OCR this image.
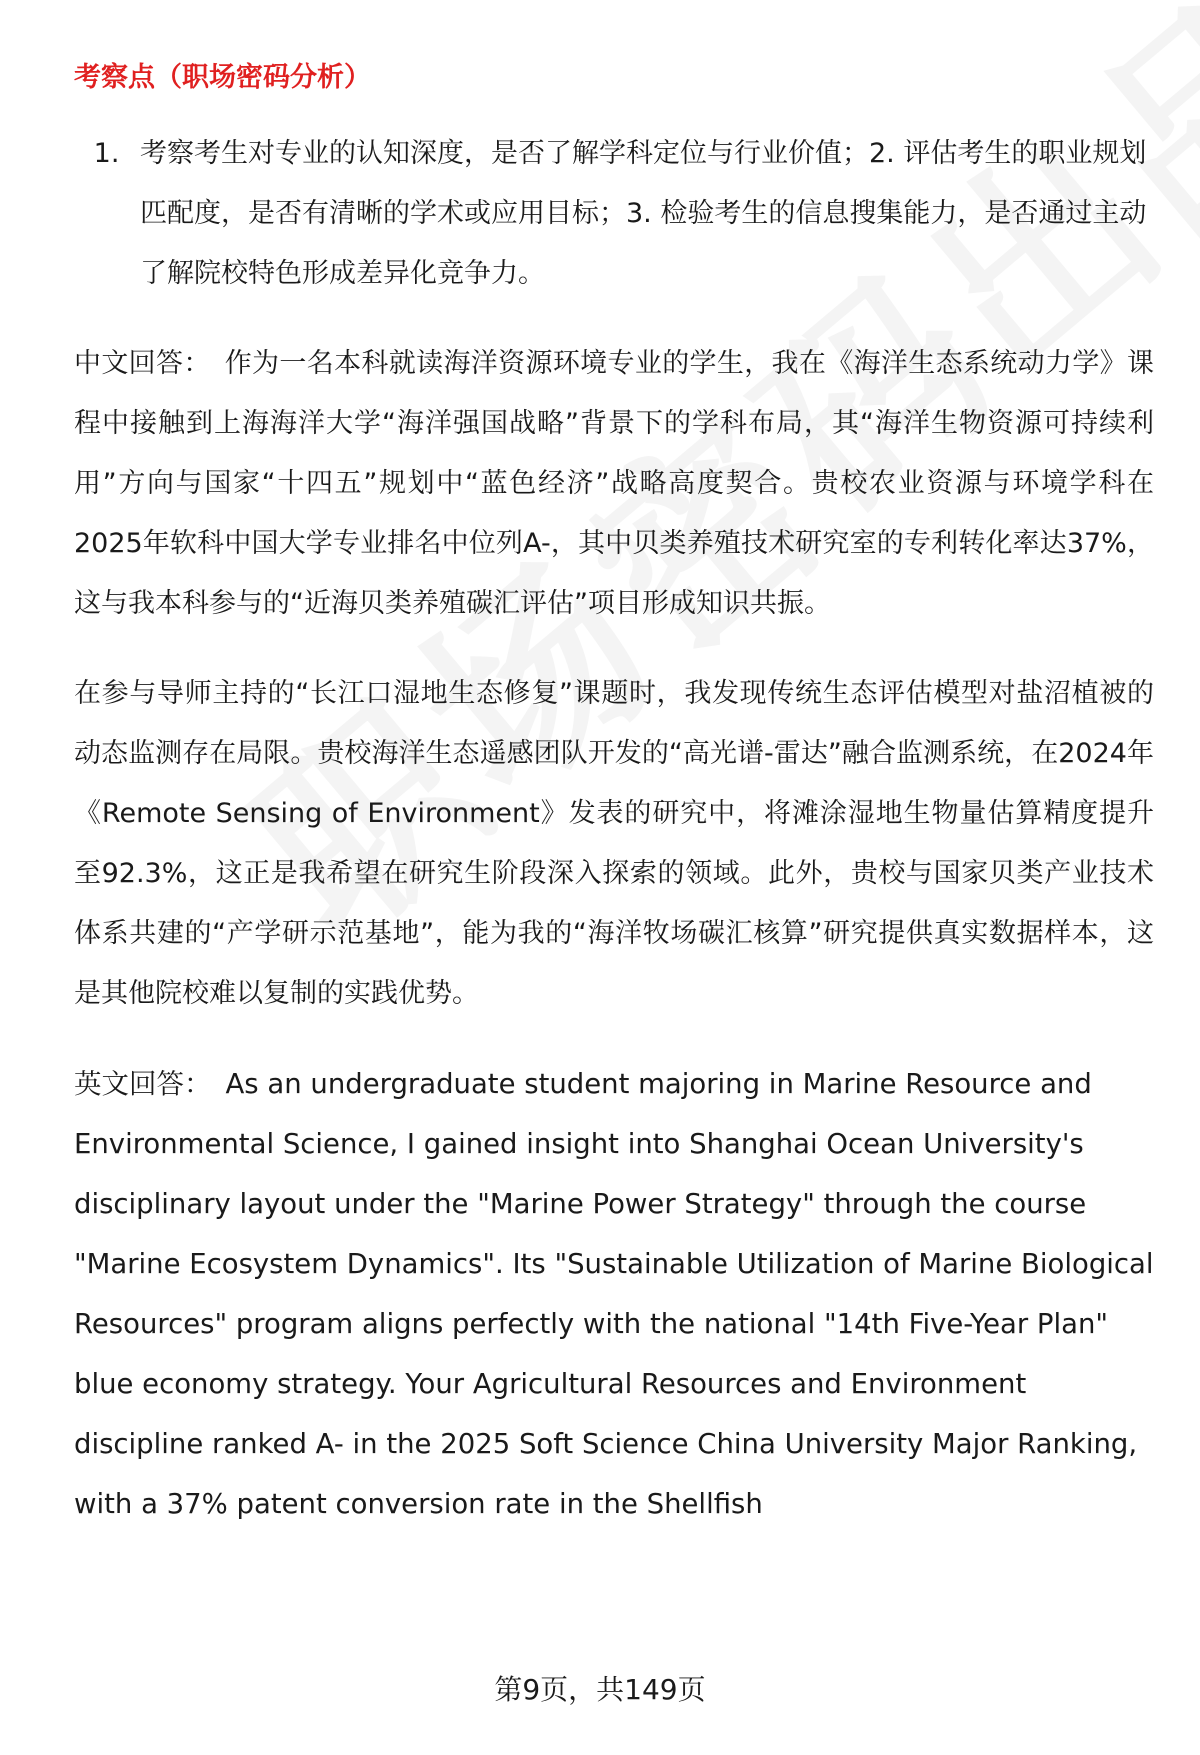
考察点（职场密码分析）
1. 考察考生对专业的认知深度，是否了解学科定位与行业价值；2. 评估考生的职业规划匹配度，是否有清晰的学术或应用目标；3. 检验考生的信息搜集能力，是否通过主动了解院校特色形成差异化竞争力。

中文回答： 作为一名本科就读海洋资源环境专业的学生，我在《海洋生态系统动力学》课程中接触到上海海洋大学“海洋强国战略”背景下的学科布局，其“海洋生物资源可持续利用”方向与国家“十四五”规划中“蓝色经济”战略高度契合。贵校农业资源与环境学科在2025年软科中国大学专业排名中位列A-，其中贝类养殖技术研究室的专利转化率达37%，这与我本科参与的“近海贝类养殖碳汇评估”项目形成知识共振。

在参与导师主持的“长江口湿地生态修复”课题时，我发现传统生态评估模型对盐沼植被的动态监测存在局限。贵校海洋生态遥感团队开发的“高光谱-雷达”融合监测系统，在2024年《Remote Sensing of Environment》发表的研究中，将滩涂湿地生物量估算精度提升至92.3%，这正是我希望在研究生阶段深入探索的领域。此外，贵校与国家贝类产业技术体系共建的“产学研示范基地”，能为我的“海洋牧场碳汇核算”研究提供真实数据样本，这是其他院校难以复制的实践优势。

英文回答： As an undergraduate student majoring in Marine Resource and Environmental Science, I gained insight into Shanghai Ocean University's disciplinary layout under the "Marine Power Strategy" through the course "Marine Ecosystem Dynamics". Its "Sustainable Utilization of Marine Biological Resources" program aligns perfectly with the national "14th Five-Year Plan" blue economy strategy. Your Agricultural Resources and Environment discipline ranked A- in the 2025 Soft Science China University Major Ranking, with a 37% patent conversion rate in the Shellfish

第9页，共149页
